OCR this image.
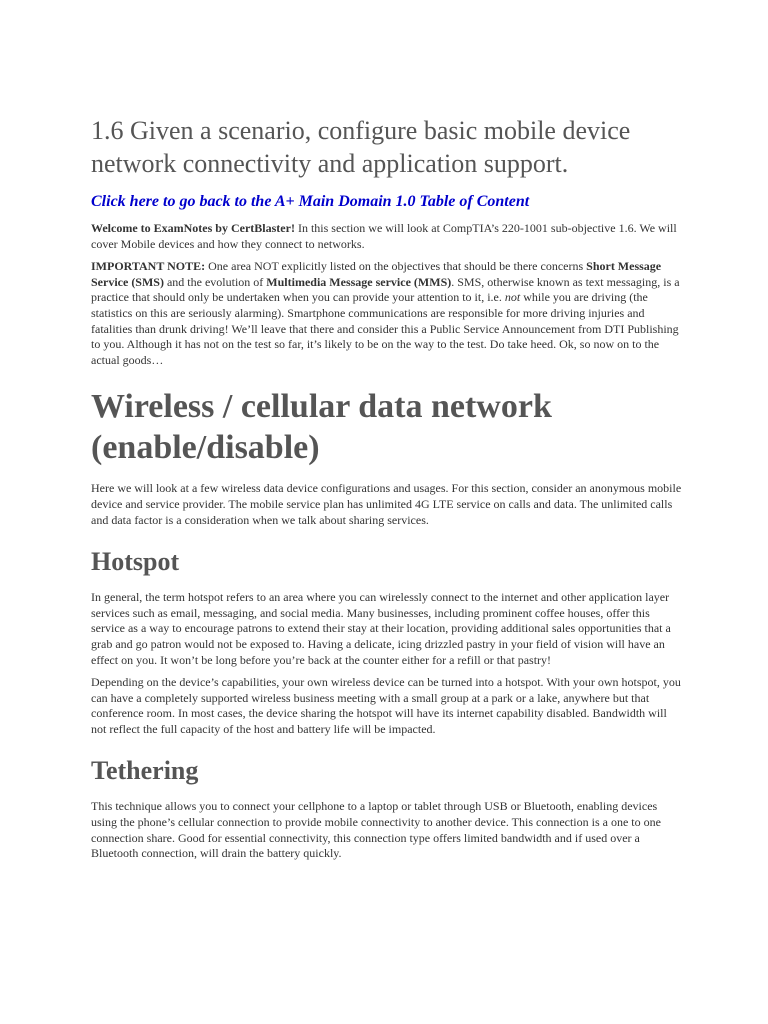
1.6 Given a scenario, configure basic mobile device network connectivity and application support.
Click here to go back to the A+ Main Domain 1.0 Table of Content

Welcome to ExamNotes by CertBlaster! In this section we will look at CompTIA’s 220-1001 sub-objective 1.6. We will cover Mobile devices and how they connect to networks.

IMPORTANT NOTE: One area NOT explicitly listed on the objectives that should be there concerns Short Message Service (SMS) and the evolution of Multimedia Message service (MMS). SMS, otherwise known as text messaging, is a practice that should only be undertaken when you can provide your attention to it, i.e. not while you are driving (the statistics on this are seriously alarming). Smartphone communications are responsible for more driving injuries and fatalities than drunk driving! We’ll leave that there and consider this a Public Service Announcement from DTI Publishing to you. Although it has not on the test so far, it’s likely to be on the way to the test. Do take heed. Ok, so now on to the actual goods…

Wireless / cellular data network (enable/disable)

Here we will look at a few wireless data device configurations and usages. For this section, consider an anonymous mobile device and service provider. The mobile service plan has unlimited 4G LTE service on calls and data. The unlimited calls and data factor is a consideration when we talk about sharing services.

Hotspot

In general, the term hotspot refers to an area where you can wirelessly connect to the internet and other application layer services such as email, messaging, and social media. Many businesses, including prominent coffee houses, offer this service as a way to encourage patrons to extend their stay at their location, providing additional sales opportunities that a grab and go patron would not be exposed to. Having a delicate, icing drizzled pastry in your field of vision will have an effect on you. It won’t be long before you’re back at the counter either for a refill or that pastry!

Depending on the device’s capabilities, your own wireless device can be turned into a hotspot. With your own hotspot, you can have a completely supported wireless business meeting with a small group at a park or a lake, anywhere but that conference room. In most cases, the device sharing the hotspot will have its internet capability disabled. Bandwidth will not reflect the full capacity of the host and battery life will be impacted.

Tethering

This technique allows you to connect your cellphone to a laptop or tablet through USB or Bluetooth, enabling devices using the phone’s cellular connection to provide mobile connectivity to another device. This connection is a one to one connection share. Good for essential connectivity, this connection type offers limited bandwidth and if used over a Bluetooth connection, will drain the battery quickly.
